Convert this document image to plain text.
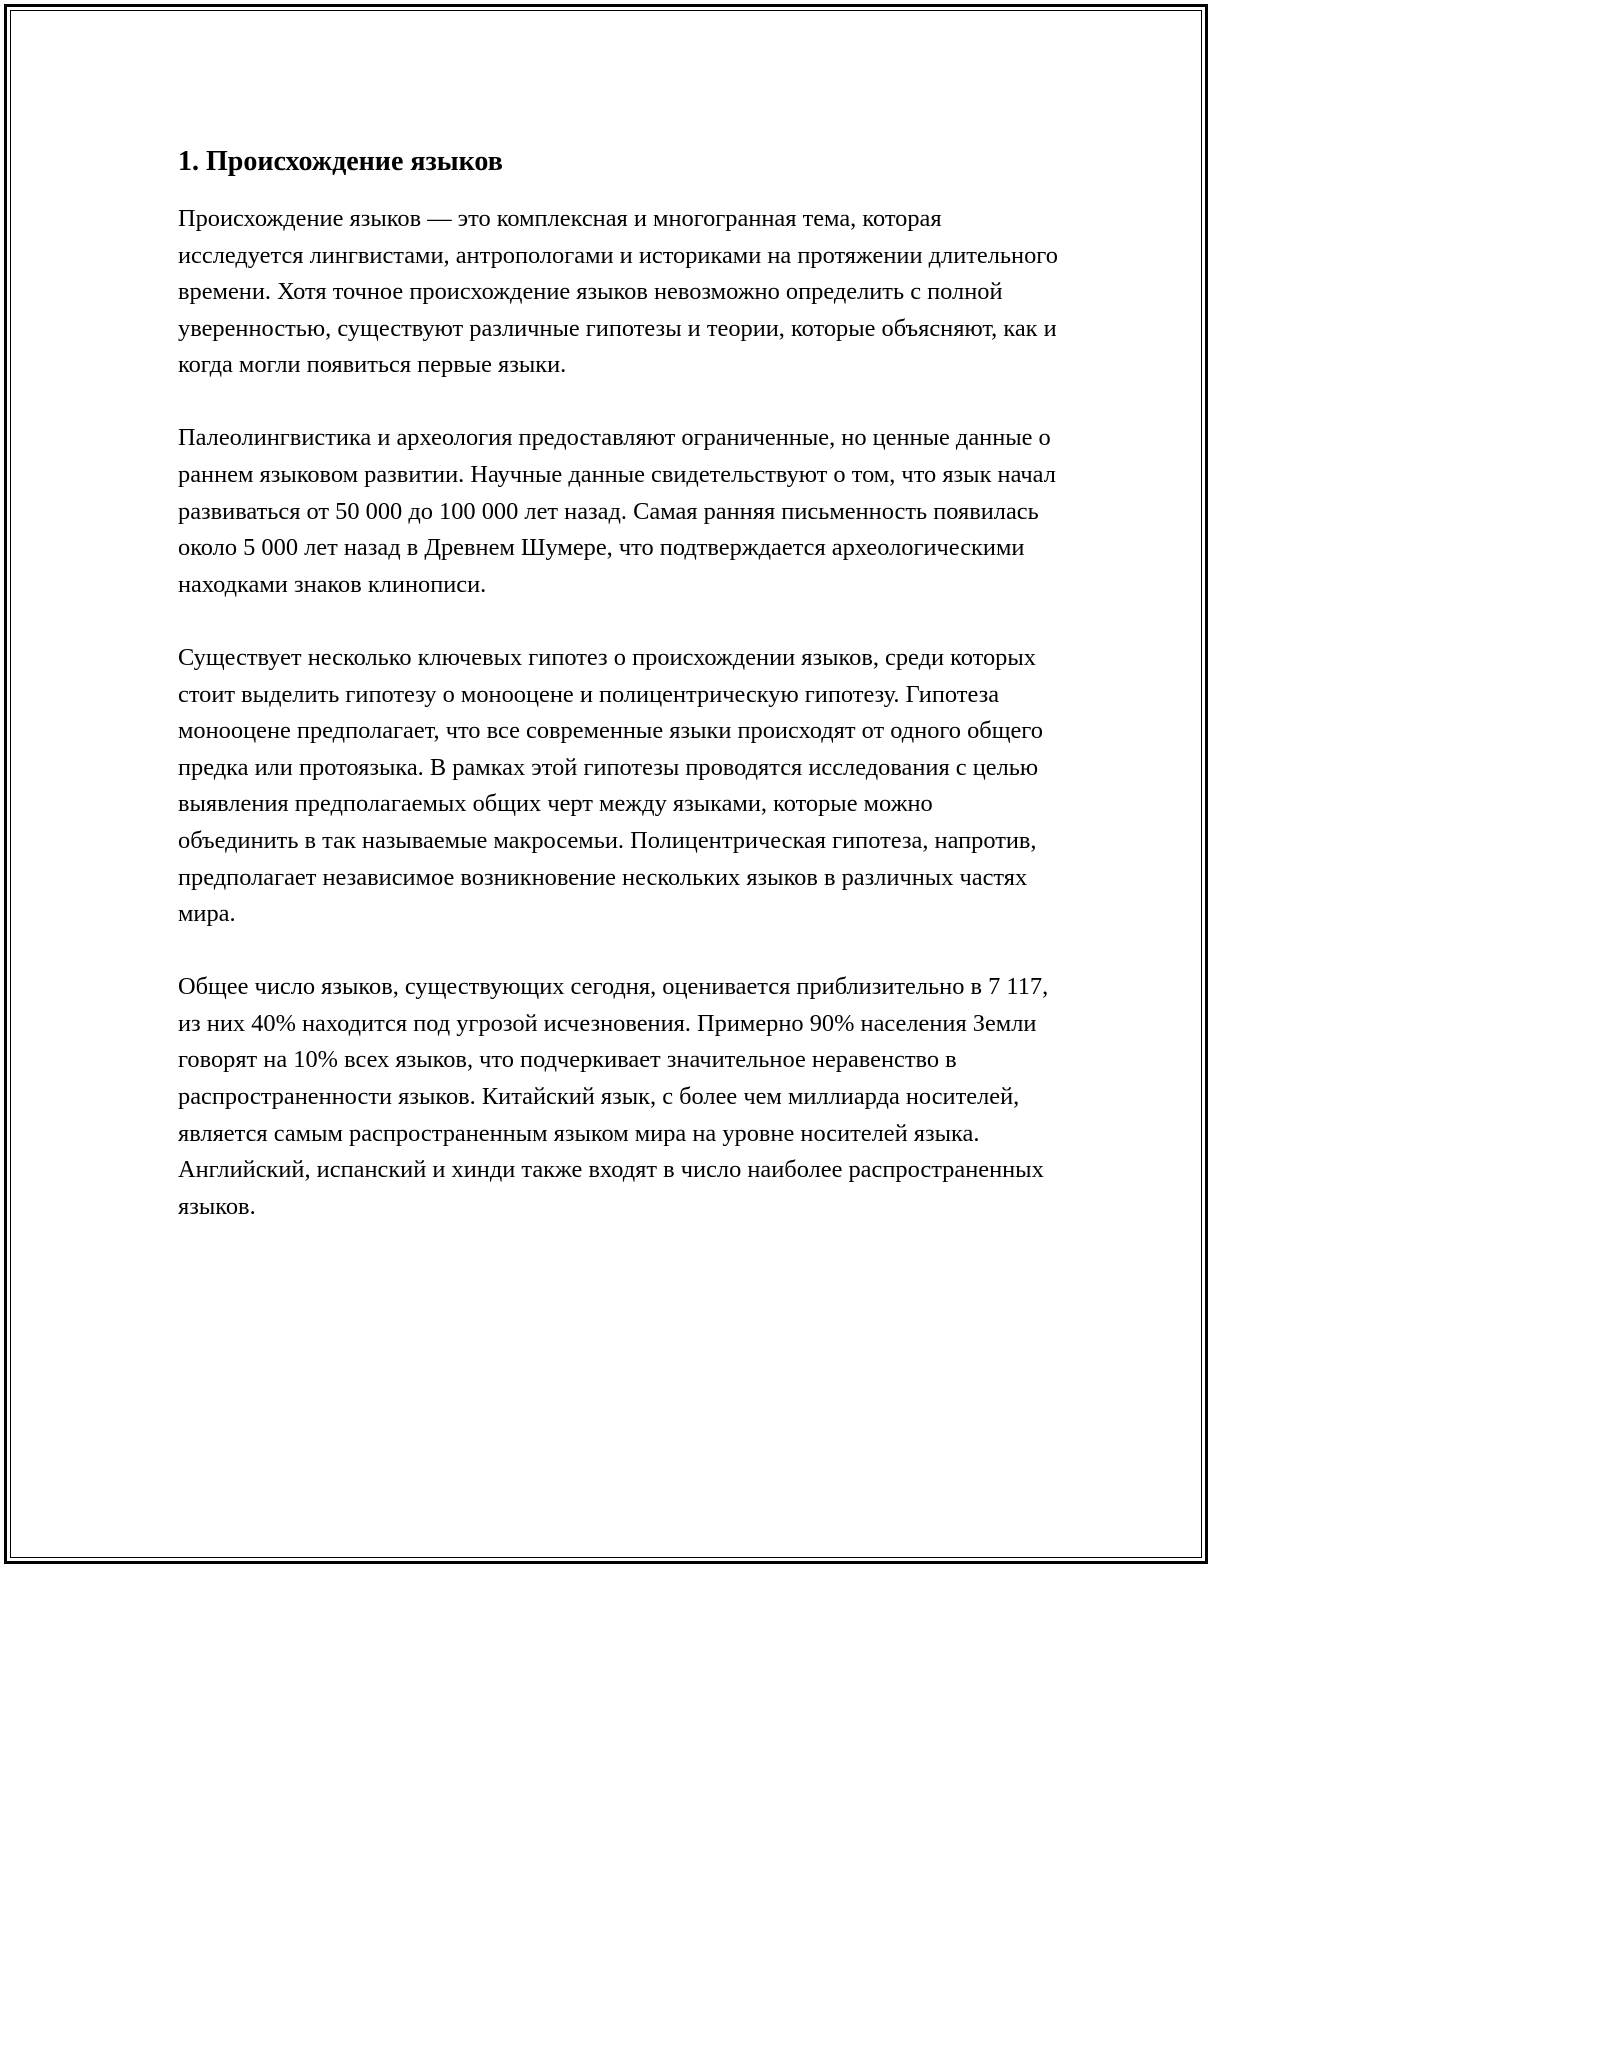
1. Происхождение языков

Происхождение языков — это комплексная и многогранная тема, которая исследуется лингвистами, антропологами и историками на протяжении длительного времени. Хотя точное происхождение языков невозможно определить с полной уверенностью, существуют различные гипотезы и теории, которые объясняют, как и когда могли появиться первые языки.

Палеолингвистика и археология предоставляют ограниченные, но ценные данные о раннем языковом развитии. Научные данные свидетельствуют о том, что язык начал развиваться от 50 000 до 100 000 лет назад. Самая ранняя письменность появилась около 5 000 лет назад в Древнем Шумере, что подтверждается археологическими находками знаков клинописи.

Существует несколько ключевых гипотез о происхождении языков, среди которых стоит выделить гипотезу о монооцене и полицентрическую гипотезу. Гипотеза монооцене предполагает, что все современные языки происходят от одного общего предка или протоязыка. В рамках этой гипотезы проводятся исследования с целью выявления предполагаемых общих черт между языками, которые можно объединить в так называемые макросемьи. Полицентрическая гипотеза, напротив, предполагает независимое возникновение нескольких языков в различных частях мира.

Общее число языков, существующих сегодня, оценивается приблизительно в 7 117, из них 40% находится под угрозой исчезновения. Примерно 90% населения Земли говорят на 10% всех языков, что подчеркивает значительное неравенство в распространенности языков. Китайский язык, с более чем миллиарда носителей, является самым распространенным языком мира на уровне носителей языка. Английский, испанский и хинди также входят в число наиболее распространенных языков.
